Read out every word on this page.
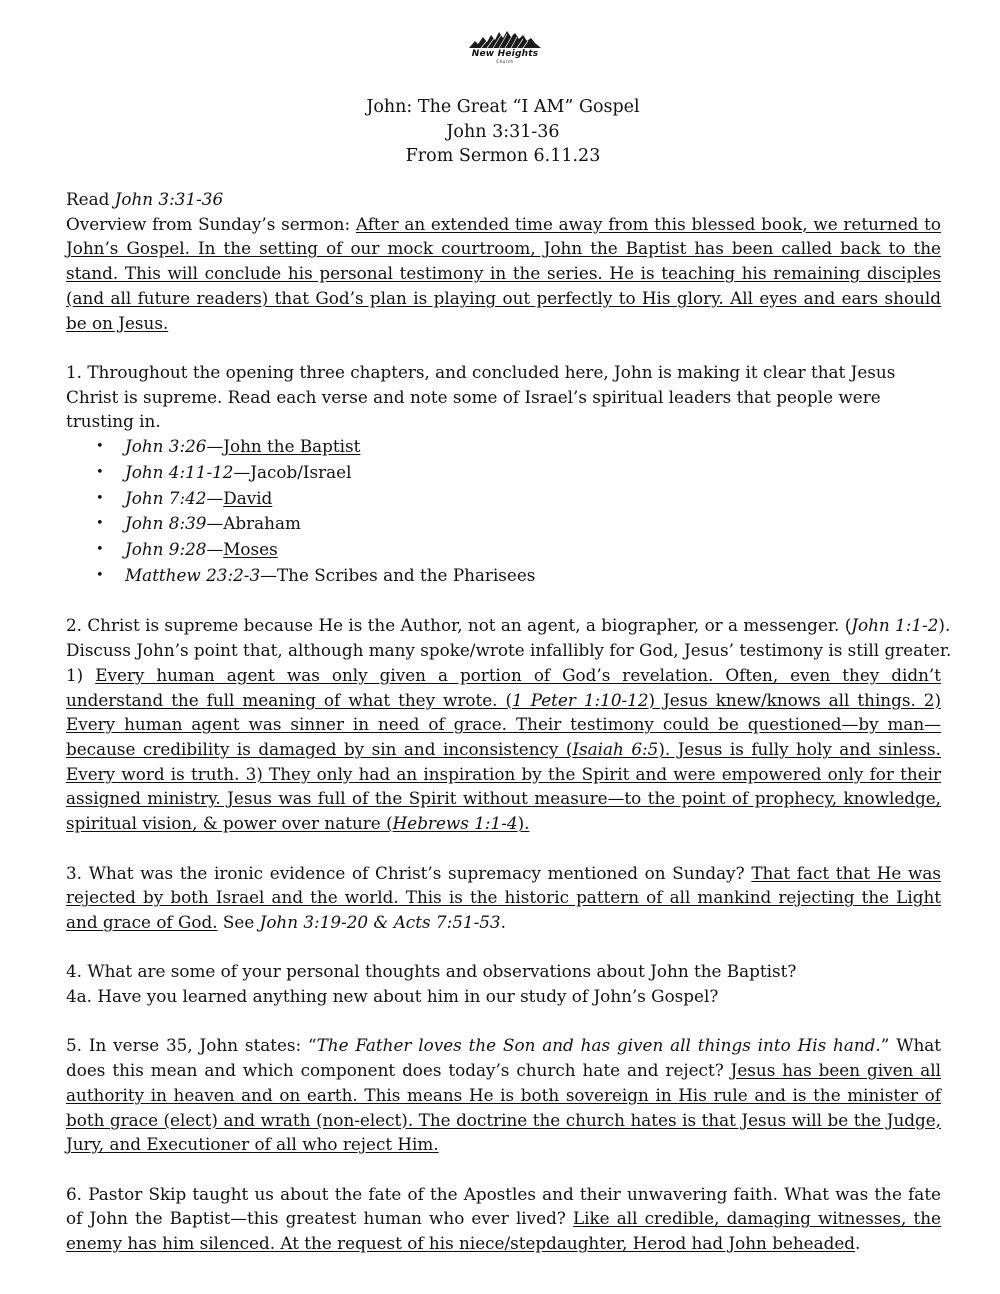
New Heights
Church
John: The Great “I AM” Gospel
John 3:31-36
From Sermon 6.11.23
Read John 3:31-36
Overview from Sunday’s sermon: After an extended time away from this blessed book, we returned to John’s Gospel. In the setting of our mock courtroom, John the Baptist has been called back to the stand. This will conclude his personal testimony in the series. He is teaching his remaining disciples (and all future readers) that God’s plan is playing out perfectly to His glory. All eyes and ears should be on Jesus.
1. Throughout the opening three chapters, and concluded here, John is making it clear that Jesus Christ is supreme. Read each verse and note some of Israel’s spiritual leaders that people were trusting in.
• John 3:26—John the Baptist
• John 4:11-12—Jacob/Israel
• John 7:42—David
• John 8:39—Abraham
• John 9:28—Moses
• Matthew 23:2-3—The Scribes and the Pharisees
2. Christ is supreme because He is the Author, not an agent, a biographer, or a messenger. (John 1:1-2).
Discuss John’s point that, although many spoke/wrote infallibly for God, Jesus’ testimony is still greater.
1) Every human agent was only given a portion of God’s revelation. Often, even they didn’t understand the full meaning of what they wrote. (1 Peter 1:10-12) Jesus knew/knows all things. 2) Every human agent was sinner in need of grace. Their testimony could be questioned—by man—because credibility is damaged by sin and inconsistency (Isaiah 6:5). Jesus is fully holy and sinless. Every word is truth. 3) They only had an inspiration by the Spirit and were empowered only for their assigned ministry. Jesus was full of the Spirit without measure—to the point of prophecy, knowledge, spiritual vision, & power over nature (Hebrews 1:1-4).
3. What was the ironic evidence of Christ’s supremacy mentioned on Sunday? That fact that He was rejected by both Israel and the world. This is the historic pattern of all mankind rejecting the Light and grace of God. See John 3:19-20 & Acts 7:51-53.
4. What are some of your personal thoughts and observations about John the Baptist?
4a. Have you learned anything new about him in our study of John’s Gospel?
5. In verse 35, John states: “The Father loves the Son and has given all things into His hand.” What does this mean and which component does today’s church hate and reject? Jesus has been given all authority in heaven and on earth. This means He is both sovereign in His rule and is the minister of both grace (elect) and wrath (non-elect). The doctrine the church hates is that Jesus will be the Judge, Jury, and Executioner of all who reject Him.
6. Pastor Skip taught us about the fate of the Apostles and their unwavering faith. What was the fate of John the Baptist—this greatest human who ever lived? Like all credible, damaging witnesses, the enemy has him silenced. At the request of his niece/stepdaughter, Herod had John beheaded.
